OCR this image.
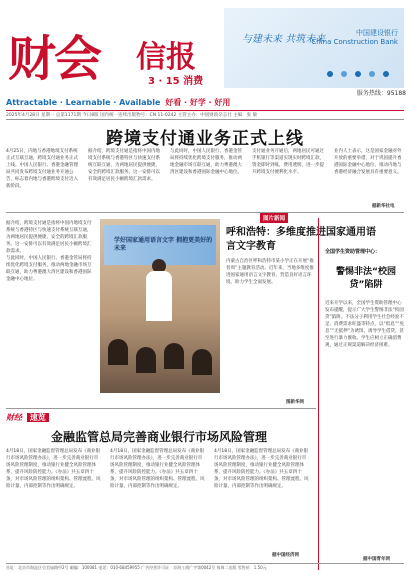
财会 信报
3 · 15 消费
Attractable · Learnable · Available 好看 · 好学 · 好用
与建未来 共筑未来
中国建设银行
China Construction Bank
服务热线：95188
2025年4月28日 星期一 总第1171期 今日8版 国内统一连续出版物号：CN 11-0242 主管主办：中国财政杂志社 主编：张 敏
跨境支付通业务正式上线

4月25日，内地与香港地境支付系统正式互联互通，跨境支付通业务正式上线。中国人民银行、香港金融管理局共同发布跨境支付通业务开通公告，标志着内地与香港跨境支付迈入新阶段。

据介绍，跨境支付通是指将中国内地境支付系统与香港特区与快速支付系统互联互通，为两地居民提供便捷、安全的跨境汇款服务。这一安排可以有效满足居民小额跨境汇款需求。

与此同时，中国人民银行、香港金管局将持续优化跨境支付服务，推动两地金融市场互联互通，助力粤港澳大湾区建设和香港国际金融中心地位。

支付通业务开通后，两地居民可通过手机银行等渠道实现实时跨境汇款，资金即时到账，费用透明，进一步提升跨境支付便利化水平。

业内人士表示，这是国家金融对外开放的重要举措，对于巩固提升香港国际金融中心地位，推动内地与香港经济融合发展具有重要意义。

据新华社电

据介绍，跨境支付通是指将中国内地境支付系统与香港特区与快速支付系统互联互通，为两地居民提供便捷、安全的跨境汇款服务。这一安排可以有效满足居民小额跨境汇款需求。

与此同时，中国人民银行、香港金管局将持续优化跨境支付服务，推动两地金融市场互联互通，助力粤港澳大湾区建设和香港国际金融中心地位。

学好国家通用语言文字 拥抱更美好的未来
图片新闻
呼和浩特：多维度推进国家通用语言文字教育

内蒙古自治区呼和浩特市某小学正在开展“推普周”主题教育活动。近年来，当地多维度推进国家通用语言文字教育，营造良好语言环境，助力学生全面发展。

图新华网
全国学生资助管理中心：
警惕非法“校园贷”陷阱

近来开学以来，全国学生资助管理中心发布提醒，提示广大学生警惕非法“校园贷”陷阱。不法分子利用学生社会经验不足、消费需求旺盛等特点，以“低息”“免息”“无抵押”为诱饵，诱导学生借贷，甚至进行暴力催收。学生应树立正确消费观，通过正规渠道解决经济困难。

据中国青年网
财经 速览
金融监管总局完善商业银行市场风险管理

4月18日，国家金融监督管理总局发布《商业银行市场风险管理办法》，进一步完善商业银行市场风险管理制度，推动银行业健全风险管理体系，提升风险防控能力。《办法》共五章四十条，对市场风险管理的组织架构、管理流程、风险计量、内部控制等作出明确规定。

4月18日，国家金融监督管理总局发布《商业银行市场风险管理办法》，进一步完善商业银行市场风险管理制度，推动银行业健全风险管理体系，提升风险防控能力。《办法》共五章四十条，对市场风险管理的组织架构、管理流程、风险计量、内部控制等作出明确规定。

4月18日，国家金融监督管理总局发布《商业银行市场风险管理办法》，进一步完善商业银行市场风险管理制度，推动银行业健全风险管理体系，提升风险防控能力。《办法》共五章四十条，对市场风险管理的组织架构、管理流程、风险计量、内部控制等作出明确规定。

据中国经济网
社址：北京市海淀区皂君庙路甲2号 邮编：100081 电话：010-68459955 广告经营许可证：京海工商广字第0042号 每周二出版 零售价：1.50元
